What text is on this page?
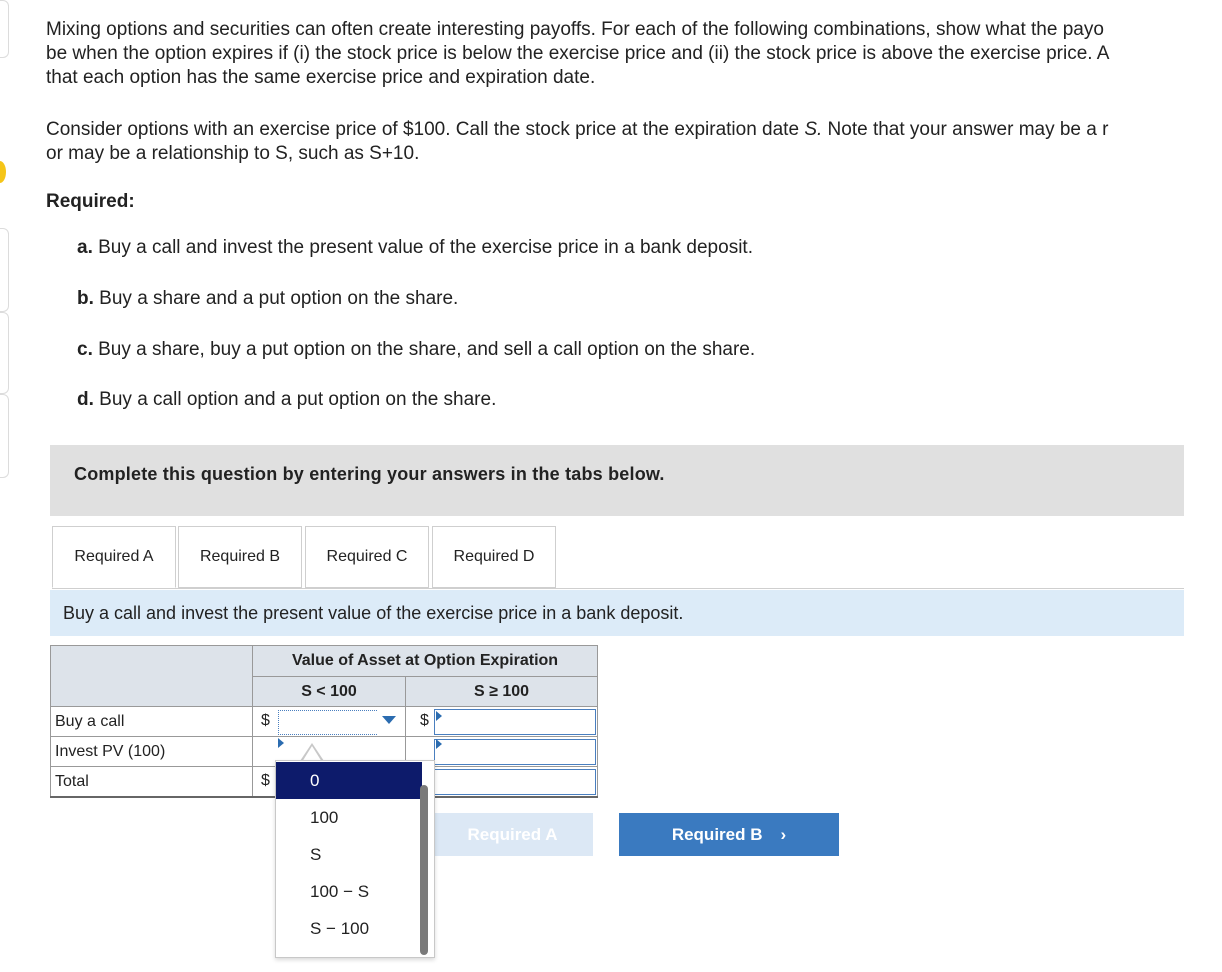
Mixing options and securities can often create interesting payoffs. For each of the following combinations, show what the payo
be when the option expires if (i) the stock price is below the exercise price and (ii) the stock price is above the exercise price. A
that each option has the same exercise price and expiration date.
Consider options with an exercise price of $100. Call the stock price at the expiration date S. Note that your answer may be a r
or may be a relationship to S, such as S+10.
Required:
a. Buy a call and invest the present value of the exercise price in a bank deposit.
b. Buy a share and a put option on the share.
c. Buy a share, buy a put option on the share, and sell a call option on the share.
d. Buy a call option and a put option on the share.
Complete this question by entering your answers in the tabs below.
Required A	Required B	Required C	Required D
Buy a call and invest the present value of the exercise price in a bank deposit.
	Value of Asset at Option Expiration	
	S < 100	S ≥ 100
Buy a call	$	$

Invest PV (100)	

Total	$	

Required A	Required B ›
0
100
S
100 − S
S − 100
